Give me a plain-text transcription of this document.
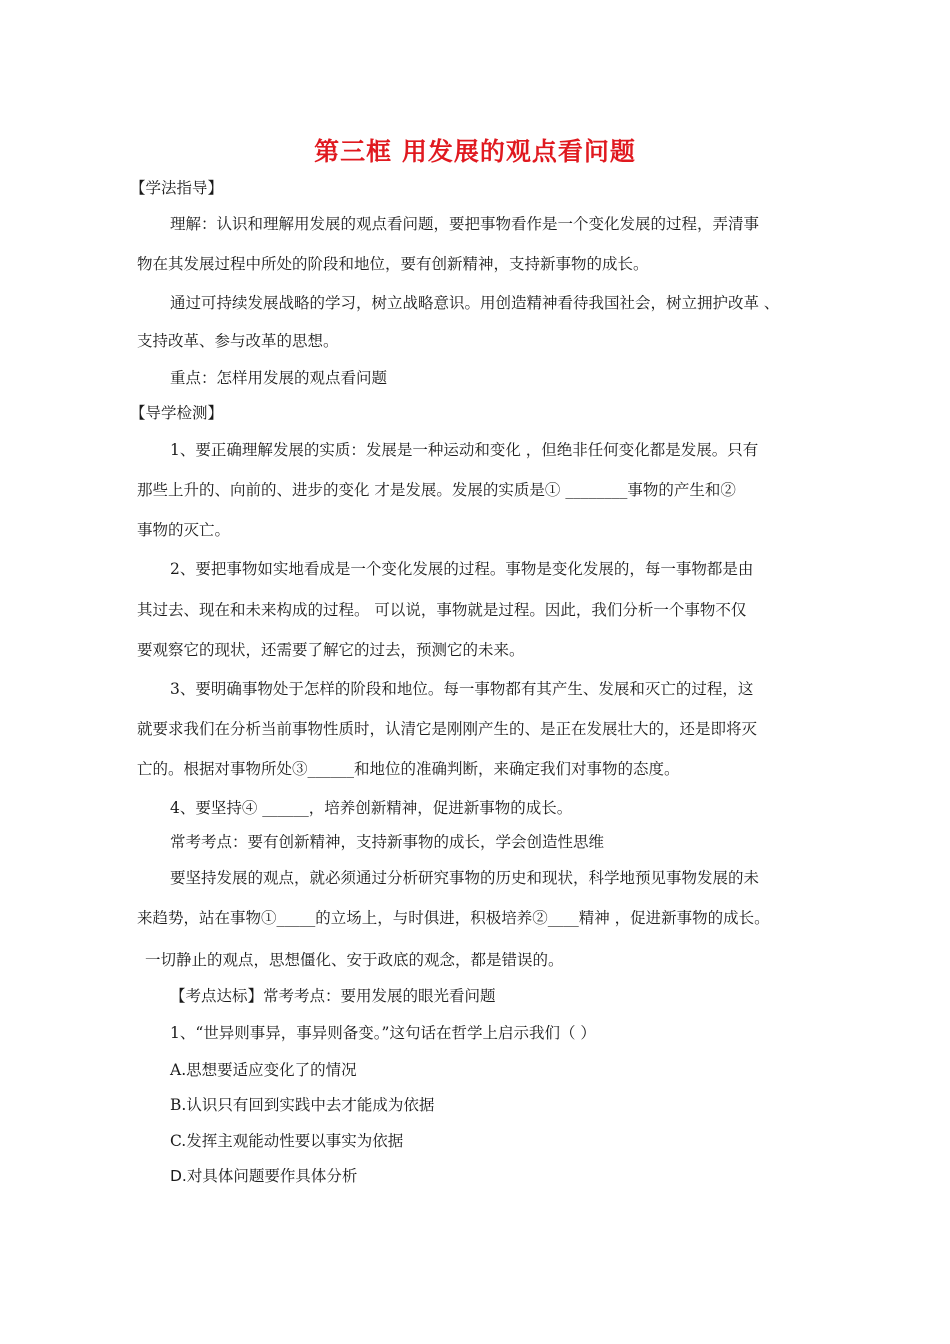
第三框 用发展的观点看问题
【学法指导】
理解：认识和理解用发展的观点看问题，要把事物看作是一个变化发展的过程，弄清事
物在其发展过程中所处的阶段和地位，要有创新精神，支持新事物的成长。
通过可持续发展战略的学习，树立战略意识。用创造精神看待我国社会，树立拥护改革 、
支持改革、参与改革的思想。
重点：怎样用发展的观点看问题
【导学检测】
1、要正确理解发展的实质：发展是一种运动和变化 ，但绝非任何变化都是发展。只有
那些上升的、向前的、进步的变化 才是发展。发展的实质是① ________事物的产生和②
事物的灭亡。
2、要把事物如实地看成是一个变化发展的过程。事物是变化发展的，每一事物都是由
其过去、现在和未来构成的过程。 可以说，事物就是过程。因此，我们分析一个事物不仅
要观察它的现状，还需要了解它的过去，预测它的未来。
3、要明确事物处于怎样的阶段和地位。每一事物都有其产生、发展和灭亡的过程，这
就要求我们在分析当前事物性质时，认清它是刚刚产生的、是正在发展壮大的，还是即将灭
亡的。根据对事物所处③______和地位的准确判断，来确定我们对事物的态度。
4、要坚持④ ______，培养创新精神，促进新事物的成长。
常考考点：要有创新精神，支持新事物的成长，学会创造性思维
要坚持发展的观点，就必须通过分析研究事物的历史和现状，科学地预见事物发展的未
来趋势，站在事物①_____的立场上，与时俱进，积极培养②____精神 ，促进新事物的成长。
一切静止的观点，思想僵化、安于政底的观念，都是错误的。
【考点达标】常考考点：要用发展的眼光看问题
1、“世异则事异，事异则备变。”这句话在哲学上启示我们（ ）
A.思想要适应变化了的情况
B.认识只有回到实践中去才能成为依据
C.发挥主观能动性要以事实为依据
D.对具体问题要作具体分析
